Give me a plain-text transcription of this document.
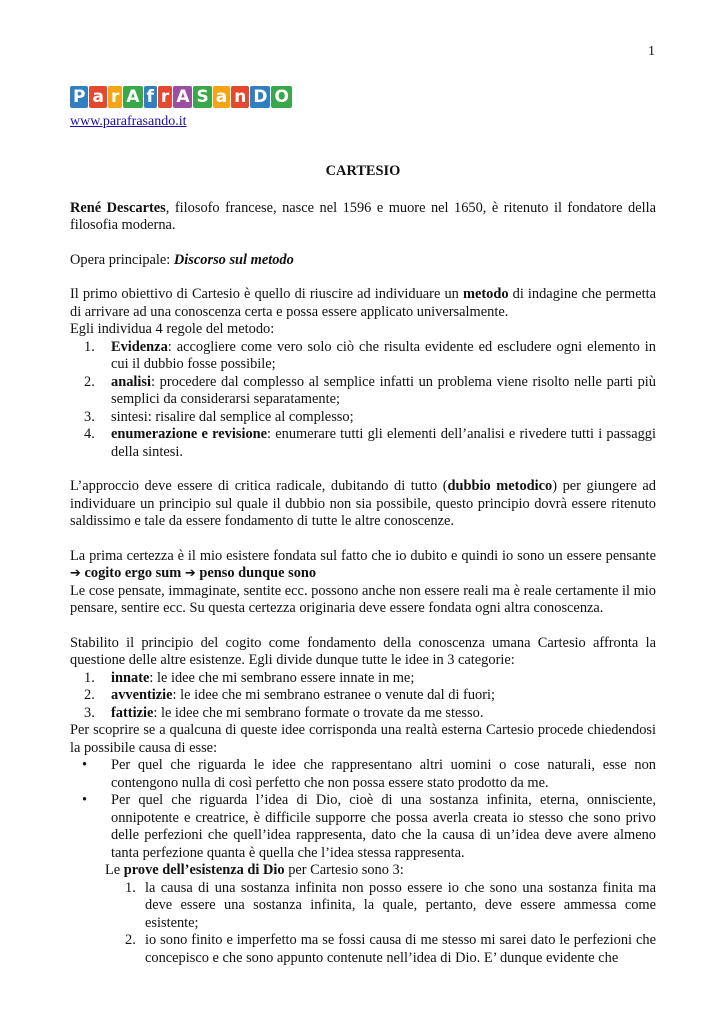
1
P a r A f r A S a n D O
www.parafrasando.it

CARTESIO

René Descartes, filosofo francese, nasce nel 1596 e muore nel 1650, è ritenuto il fondatore della filosofia moderna.

Opera principale: Discorso sul metodo

Il primo obiettivo di Cartesio è quello di riuscire ad individuare un metodo di indagine che permetta di arrivare ad una conoscenza certa e possa essere applicato universalmente.

Egli individua 4 regole del metodo:

1. Evidenza: accogliere come vero solo ciò che risulta evidente ed escludere ogni elemento in cui il dubbio fosse possibile;
2. analisi: procedere dal complesso al semplice infatti un problema viene risolto nelle parti più semplici da considerarsi separatamente;
3. sintesi: risalire dal semplice al complesso;
4. enumerazione e revisione: enumerare tutti gli elementi dell’analisi e rivedere tutti i passaggi della sintesi.

L’approccio deve essere di critica radicale, dubitando di tutto (dubbio metodico) per giungere ad individuare un principio sul quale il dubbio non sia possibile, questo principio dovrà essere ritenuto saldissimo e tale da essere fondamento di tutte le altre conoscenze.

La prima certezza è il mio esistere fondata sul fatto che io dubito e quindi io sono un essere pensante ➔ cogito ergo sum ➔ penso dunque sono

Le cose pensate, immaginate, sentite ecc. possono anche non essere reali ma è reale certamente il mio pensare, sentire ecc. Su questa certezza originaria deve essere fondata ogni altra conoscenza.

Stabilito il principio del cogito come fondamento della conoscenza umana Cartesio affronta la questione delle altre esistenze. Egli divide dunque tutte le idee in 3 categorie:

1. innate: le idee che mi sembrano essere innate in me;
2. avventizie: le idee che mi sembrano estranee o venute dal di fuori;
3. fattizie: le idee che mi sembrano formate o trovate da me stesso.

Per scoprire se a qualcuna di queste idee corrisponda una realtà esterna Cartesio procede chiedendosi la possibile causa di esse:

• Per quel che riguarda le idee che rappresentano altri uomini o cose naturali, esse non contengono nulla di così perfetto che non possa essere stato prodotto da me.
• Per quel che riguarda l’idea di Dio, cioè di una sostanza infinita, eterna, onnisciente, onnipotente e creatrice, è difficile supporre che possa averla creata io stesso che sono privo delle perfezioni che quell’idea rappresenta, dato che la causa di un’idea deve avere almeno tanta perfezione quanta è quella che l’idea stessa rappresenta.

Le prove dell’esistenza di Dio per Cartesio sono 3:

1. la causa di una sostanza infinita non posso essere io che sono una sostanza finita ma deve essere una sostanza infinita, la quale, pertanto, deve essere ammessa come esistente;
2. io sono finito e imperfetto ma se fossi causa di me stesso mi sarei dato le perfezioni che concepisco e che sono appunto contenute nell’idea di Dio. E’ dunque evidente che
